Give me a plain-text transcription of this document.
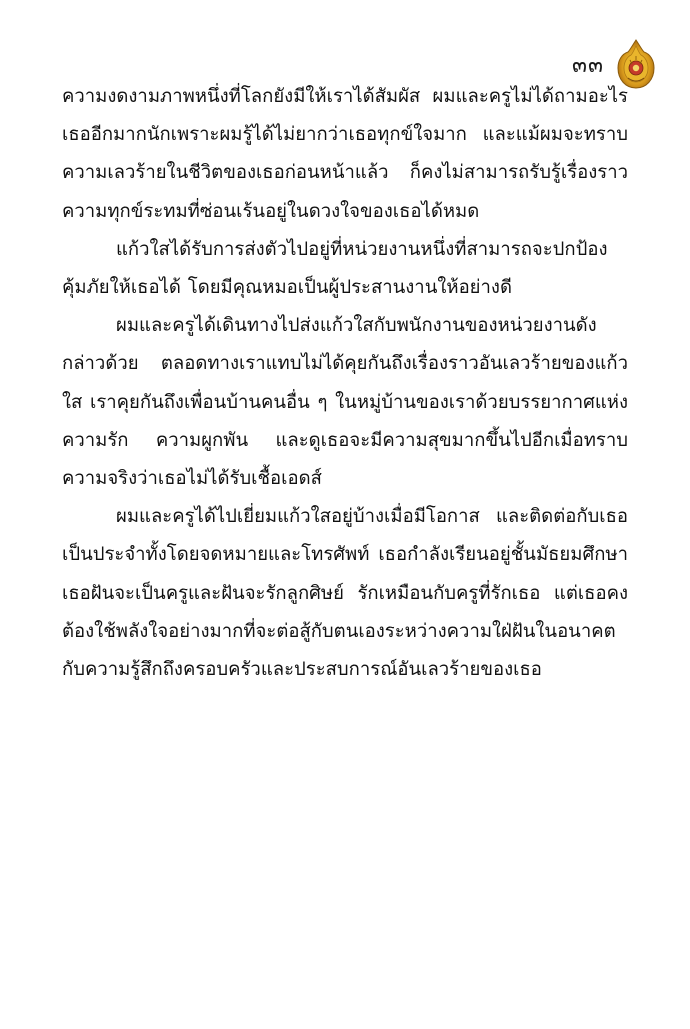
๓๓

ความงดงามภาพหนึ่งที่โลกยังมีให้เราได้สัมผัส ผมและครูไม่ได้ถามอะไรเธออีกมากนักเพราะผมรู้ได้ไม่ยากว่าเธอทุกข์ใจมาก และแม้ผมจะทราบความเลวร้ายในชีวิตของเธอก่อนหน้าแล้ว ก็คงไม่สามารถรับรู้เรื่องราวความทุกข์ระทมที่ซ่อนเร้นอยู่ในดวงใจของเธอได้หมด

แก้วใสได้รับการส่งตัวไปอยู่ที่หน่วยงานหนึ่งที่สามารถจะปกป้องคุ้มภัยให้เธอได้ โดยมีคุณหมอเป็นผู้ประสานงานให้อย่างดี

ผมและครูได้เดินทางไปส่งแก้วใสกับพนักงานของหน่วยงานดังกล่าวด้วย ตลอดทางเราแทบไม่ได้คุยกันถึงเรื่องราวอันเลวร้ายของแก้วใส เราคุยกันถึงเพื่อนบ้านคนอื่น ๆ ในหมู่บ้านของเราด้วยบรรยากาศแห่งความรัก ความผูกพัน และดูเธอจะมีความสุขมากขึ้นไปอีกเมื่อทราบความจริงว่าเธอไม่ได้รับเชื้อเอดส์

ผมและครูได้ไปเยี่ยมแก้วใสอยู่บ้างเมื่อมีโอกาส และติดต่อกับเธอเป็นประจำทั้งโดยจดหมายและโทรศัพท์ เธอกำลังเรียนอยู่ชั้นมัธยมศึกษา เธอฝันจะเป็นครูและฝันจะรักลูกศิษย์ รักเหมือนกับครูที่รักเธอ แต่เธอคงต้องใช้พลังใจอย่างมากที่จะต่อสู้กับตนเองระหว่างความใฝ่ฝันในอนาคตกับความรู้สึกถึงครอบครัวและประสบการณ์อันเลวร้ายของเธอ
